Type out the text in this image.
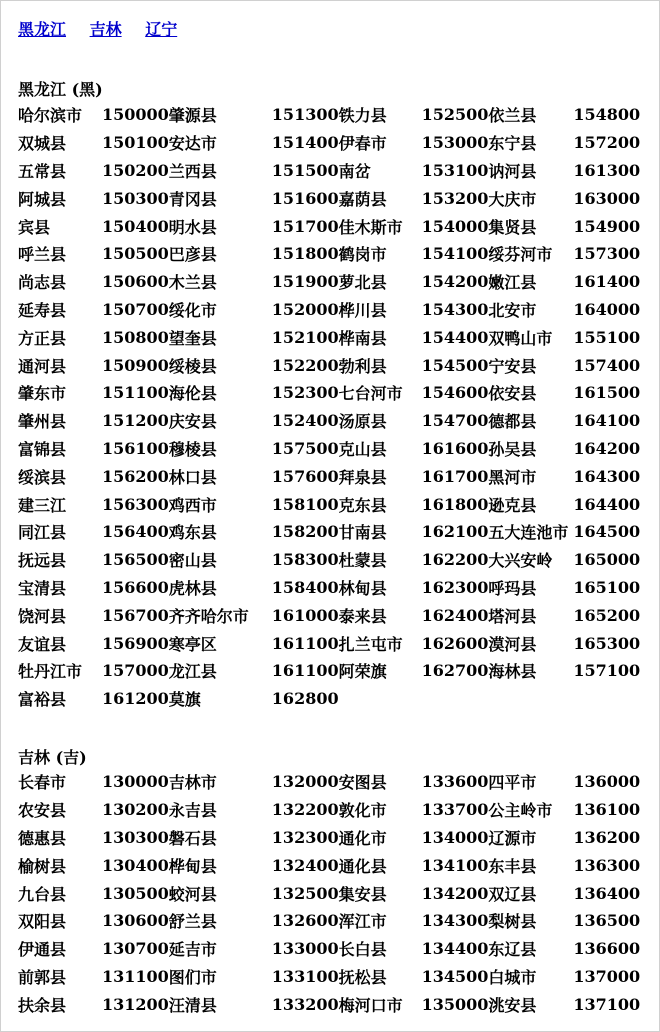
黑龙江 吉林 辽宁
黑龙江 (黑)
哈尔滨市	150000	肇源县	151300	铁力县	152500	依兰县	154800
双城县	150100	安达市	151400	伊春市	153000	东宁县	157200
五常县	150200	兰西县	151500	南岔	153100	讷河县	161300
阿城县	150300	青冈县	151600	嘉荫县	153200	大庆市	163000
宾县	150400	明水县	151700	佳木斯市	154000	集贤县	154900
呼兰县	150500	巴彦县	151800	鹤岗市	154100	绥芬河市	157300
尚志县	150600	木兰县	151900	萝北县	154200	嫩江县	161400
延寿县	150700	绥化市	152000	桦川县	154300	北安市	164000
方正县	150800	望奎县	152100	桦南县	154400	双鸭山市	155100
通河县	150900	绥棱县	152200	勃利县	154500	宁安县	157400
肇东市	151100	海伦县	152300	七台河市	154600	依安县	161500
肇州县	151200	庆安县	152400	汤原县	154700	德都县	164100
富锦县	156100	穆棱县	157500	克山县	161600	孙吴县	164200
绥滨县	156200	林口县	157600	拜泉县	161700	黑河市	164300
建三江	156300	鸡西市	158100	克东县	161800	逊克县	164400
同江县	156400	鸡东县	158200	甘南县	162100	五大连池市	164500
抚远县	156500	密山县	158300	杜蒙县	162200	大兴安岭	165000
宝清县	156600	虎林县	158400	林甸县	162300	呼玛县	165100
饶河县	156700	齐齐哈尔市	161000	泰来县	162400	塔河县	165200
友谊县	156900	寒亭区	161100	扎兰屯市	162600	漠河县	165300
牡丹江市	157000	龙江县	161100	阿荣旗	162700	海林县	157100
富裕县	161200	莫旗	162800				
吉林 (吉)
长春市	130000	吉林市	132000	安图县	133600	四平市	136000
农安县	130200	永吉县	132200	敦化市	133700	公主岭市	136100
德惠县	130300	磐石县	132300	通化市	134000	辽源市	136200
榆树县	130400	桦甸县	132400	通化县	134100	东丰县	136300
九台县	130500	蛟河县	132500	集安县	134200	双辽县	136400
双阳县	130600	舒兰县	132600	浑江市	134300	梨树县	136500
伊通县	130700	延吉市	133000	长白县	134400	东辽县	136600
前郭县	131100	图们市	133100	抚松县	134500	白城市	137000
扶余县	131200	汪清县	133200	梅河口市	135000	洮安县	137100
